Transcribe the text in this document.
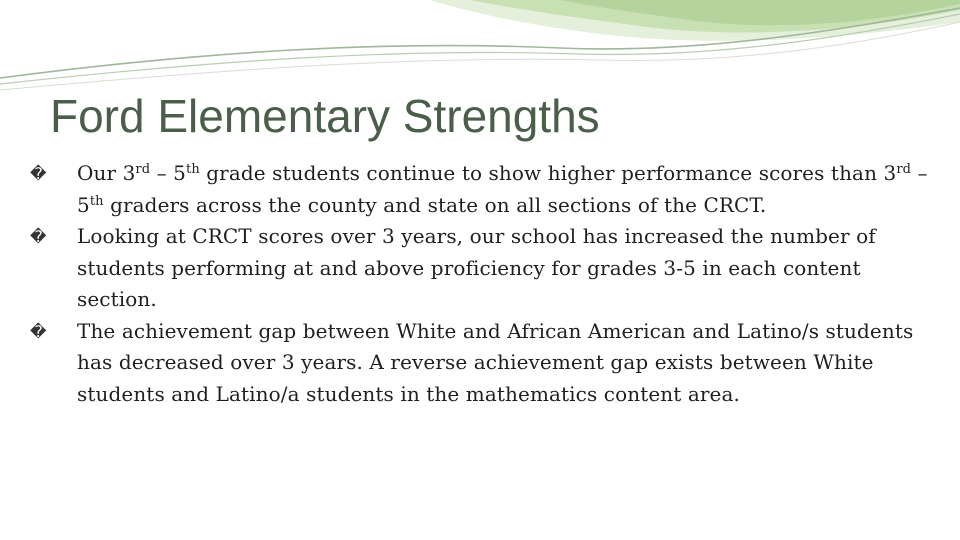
Ford Elementary Strengths
�
Our 3rd – 5th grade students continue to show higher performance scores than 3rd – 5th graders across the county and state on all sections of the CRCT.
�
Looking at CRCT scores over 3 years, our school has increased the number of students performing at and above proficiency for grades 3-5 in each content section.
�
The achievement gap between White and African American and Latino/s students has decreased over 3 years. A reverse achievement gap exists between White students and Latino/a students in the mathematics content area.
